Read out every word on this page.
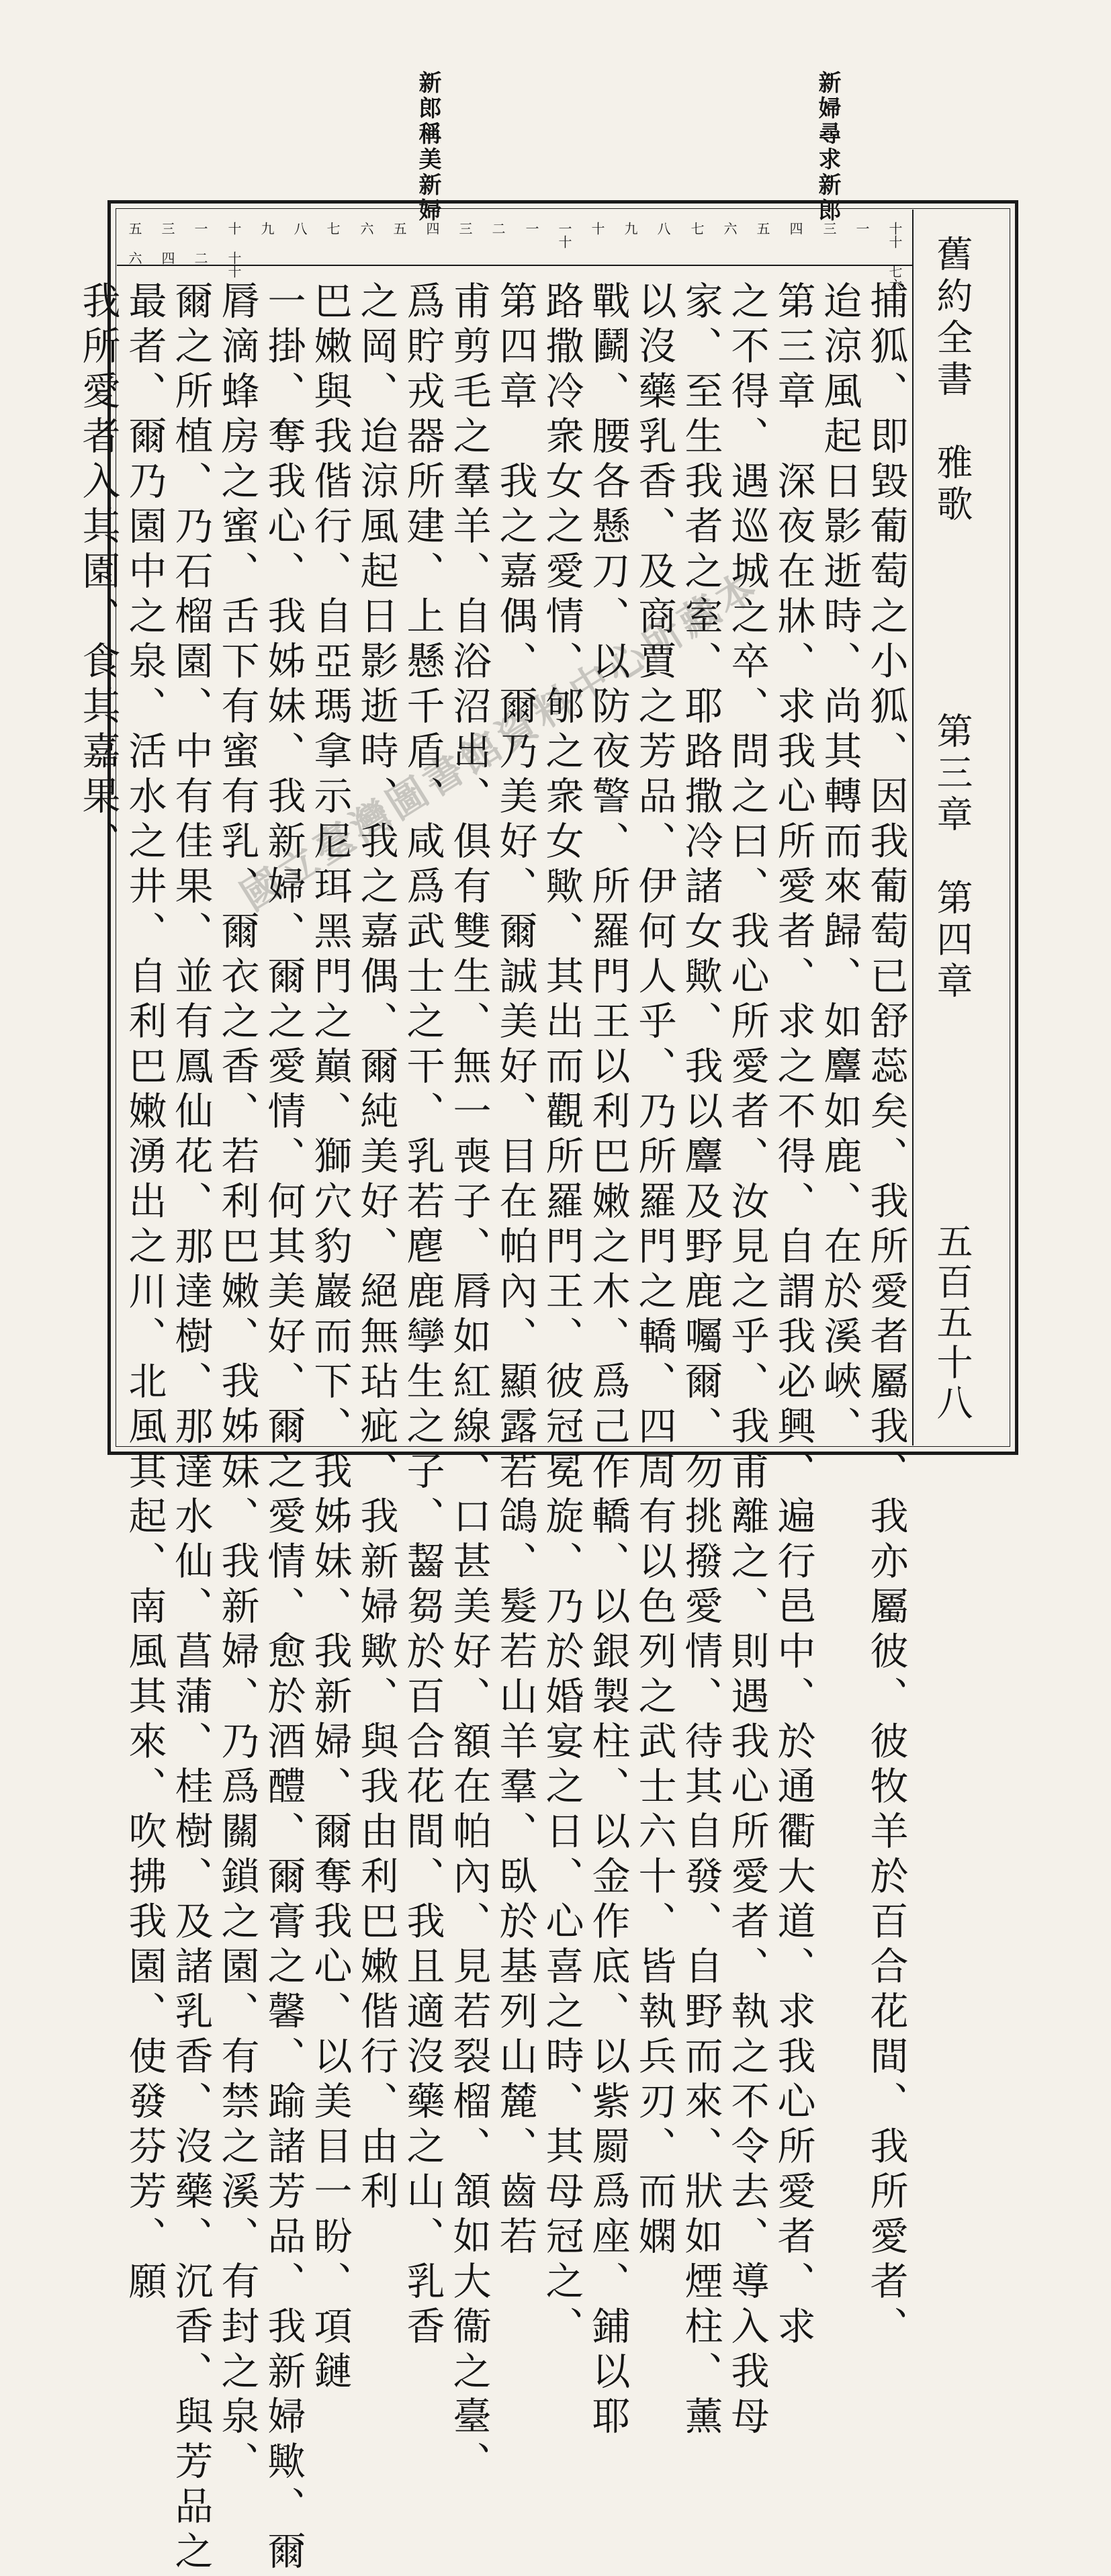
新婦尋求新郎
新郎稱美新婦
十十 七六
一
三
四
五
六
七
八
九
十
一十
一
二
三
四
五
六
七
八
九
十 十十
一 二
三 四
五 六	舊約全書　雅歌
第三章　第四章
五百五十八
捕狐、即毀葡萄之小狐、因我葡萄已舒蕊矣、我所愛者屬我、我亦屬彼、彼牧羊於百合花間、我所愛者、
迨涼風起日影逝時、尚其轉而來歸、如麞如鹿、在於溪峽、
第三章　深夜在牀、求我心所愛者、求之不得、自謂我必興、遍行邑中、於通衢大道、求我心所愛者、求
之不得、遇巡城之卒、問之曰、我心所愛者、汝見之乎、我甫離之、則遇我心所愛者、執之不令去、導入我母
家、至生我者之室、耶路撒冷諸女歟、我以麞及野鹿囑爾、勿挑撥愛情、待其自發、自野而來、狀如煙柱、薰
以沒藥乳香、及商賈之芳品、伊何人乎、乃所羅門之轎、四周有以色列之武士六十、皆執兵刃、而嫻
戰鬬、腰各懸刀、以防夜警、所羅門王以利巴嫩之木、爲己作轎、以銀製柱、以金作底、以紫罽爲座、鋪以耶
路撒冷衆女之愛情、郇之衆女歟、其出而觀所羅門王、彼冠冕旋、乃於婚宴之日、心喜之時、其母冠之、
第四章　我之嘉偶、爾乃美好、爾誠美好、目在帕內、顯露若鴿、髮若山羊羣、臥於基列山麓、齒若
甫剪毛之羣羊、自浴沼出、俱有雙生、無一喪子、脣如紅線、口甚美好、額在帕內、見若裂榴、頷如大衞之臺、
爲貯戎器所建、上懸千盾、咸爲武士之干、乳若麀鹿孿生之子、齧芻於百合花間、我且適沒藥之山、乳香
之岡、迨涼風起日影逝時、我之嘉偶、爾純美好、絕無玷疵、我新婦歟、與我由利巴嫩偕行、由利
巴嫩與我偕行、自亞瑪拿示尼珥黑門之巔、獅穴豹巖而下、我姊妹、我新婦、爾奪我心、以美目一盼、項鏈
一掛、奪我心、我姊妹、我新婦、爾之愛情、何其美好、爾之愛情、愈於酒醴、爾膏之馨、踰諸芳品、我新婦歟、爾
脣滴蜂房之蜜、舌下有蜜有乳、爾衣之香、若利巴嫩、我姊妹、我新婦、乃爲關鎖之園、有禁之溪、有封之泉、
爾之所植、乃石榴園、中有佳果、並有鳳仙花、那達樹、那達水仙、菖蒲、桂樹、及諸乳香、沒藥、沉香、與芳品之
最者、爾乃園中之泉、活水之井、自利巴嫩湧出之川、北風其起、南風其來、吹拂我園、使發芬芳、願
我所愛者入其園、食其嘉果、	國立臺灣圖書館資料中心所藏本
